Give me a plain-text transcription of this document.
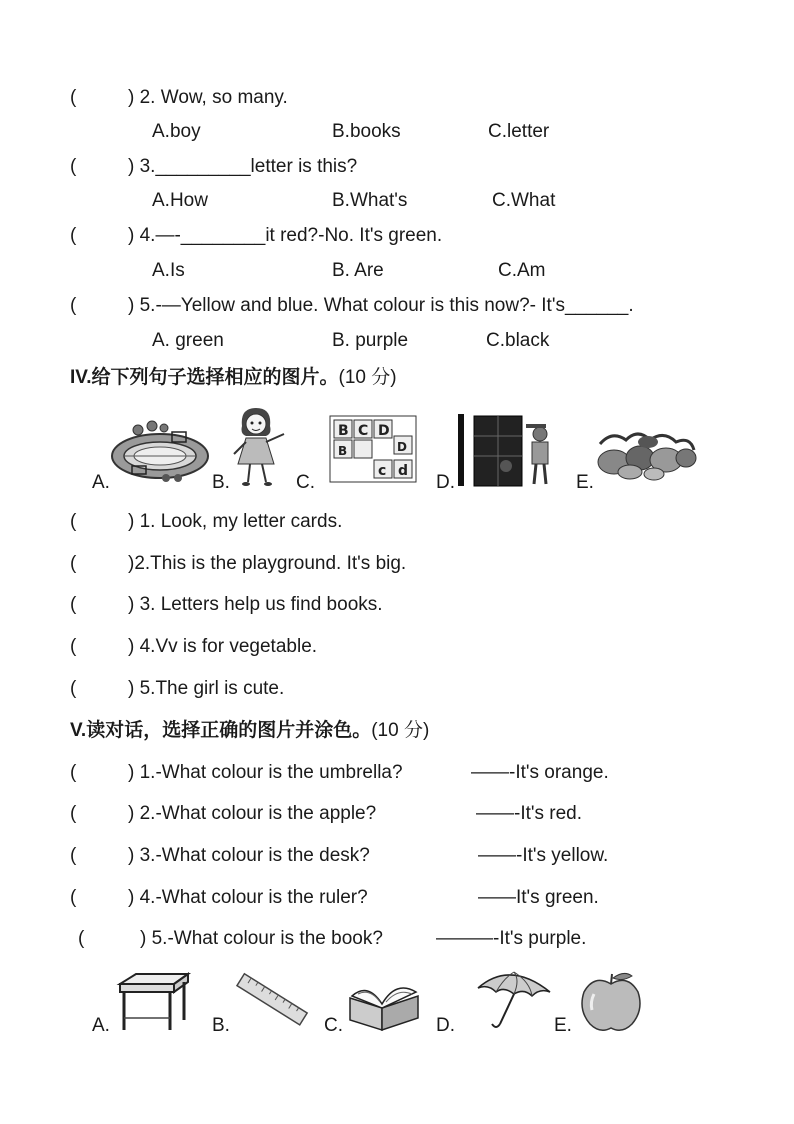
(	) 2. Wow, so many.
A.boy	B.books	C.letter
(	) 3._________letter is this?
A.How	B.What's	C.What
(	) 4.—-________it red?-No. It's green.
A.Is	B. Are	C.Am
(	) 5.-—Yellow and blue. What colour is this now?- It's______.
A. green	B. purple	C.black
IV.给下列句子选择相应的图片。(10 分)
A.	B.
B C D
B	D
c d
C.	D.	E.
(	) 1. Look, my letter cards.
(	)2.This is the playground. It's big.
(	) 3. Letters help us find books.
(	) 4.Vv is for vegetable.
(	) 5.The girl is cute.
V.读对话，选择正确的图片并涂色。(10 分)
(	) 1.-What colour is the umbrella?	——-It's orange.
(	) 2.-What colour is the apple?	——-It's red.
(	) 3.-What colour is the desk?	——-It's yellow.
(	) 4.-What colour is the ruler?	——It's green.
(	) 5.-What colour is the book?	———-It's purple.
A.	B.	C.	D.	E.
